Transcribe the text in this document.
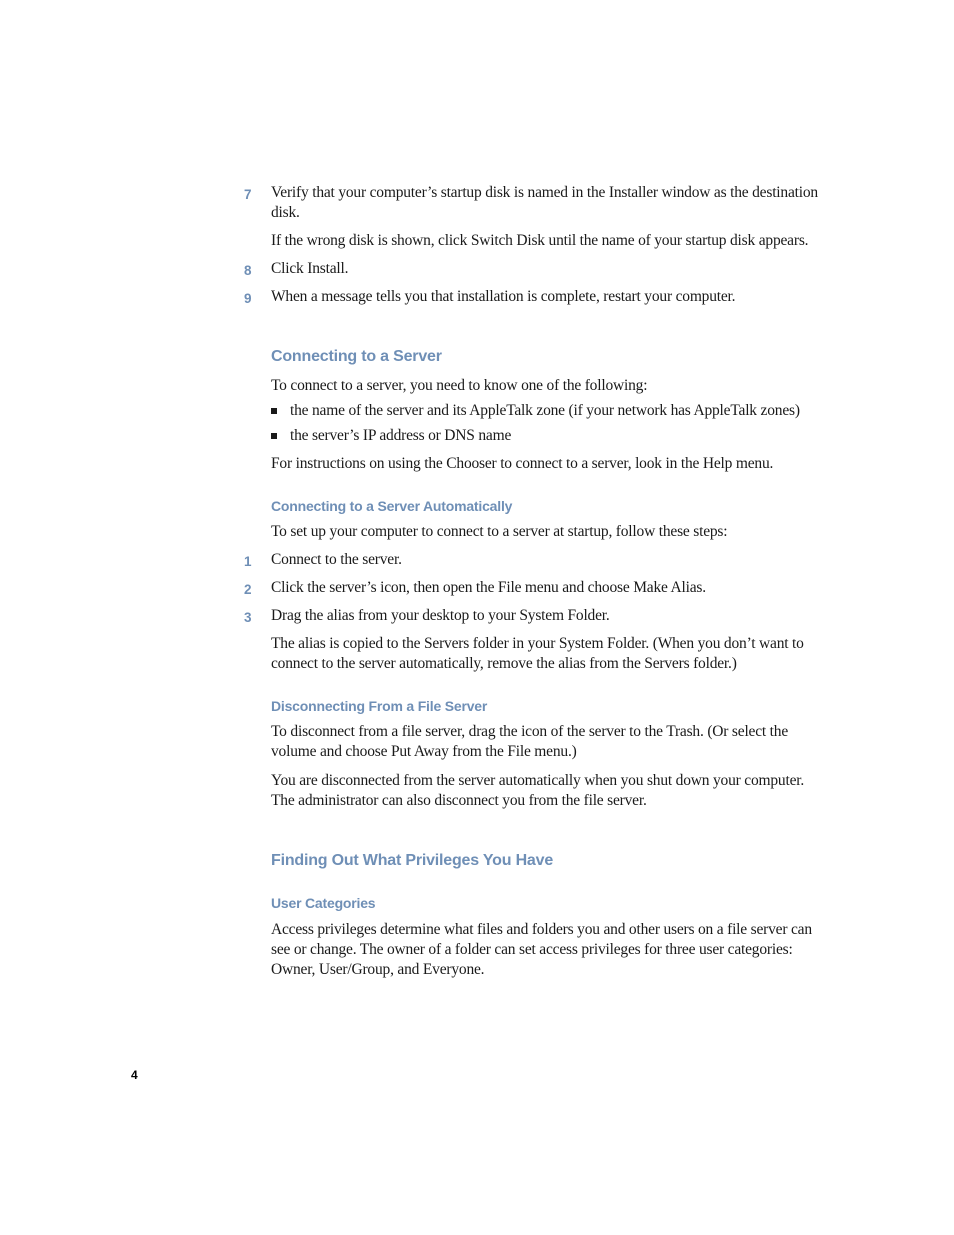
7 Verify that your computer’s startup disk is named in the Installer window as the destination disk.
If the wrong disk is shown, click Switch Disk until the name of your startup disk appears.
8 Click Install.
9 When a message tells you that installation is complete, restart your computer.
Connecting to a Server
To connect to a server, you need to know one of the following:
the name of the server and its AppleTalk zone (if your network has AppleTalk zones)
the server’s IP address or DNS name
For instructions on using the Chooser to connect to a server, look in the Help menu.
Connecting to a Server Automatically
To set up your computer to connect to a server at startup, follow these steps:
1 Connect to the server.
2 Click the server’s icon, then open the File menu and choose Make Alias.
3 Drag the alias from your desktop to your System Folder.
The alias is copied to the Servers folder in your System Folder. (When you don’t want to connect to the server automatically, remove the alias from the Servers folder.)
Disconnecting From a File Server
To disconnect from a file server, drag the icon of the server to the Trash. (Or select the volume and choose Put Away from the File menu.)
You are disconnected from the server automatically when you shut down your computer. The administrator can also disconnect you from the file server.
Finding Out What Privileges You Have
User Categories
Access privileges determine what files and folders you and other users on a file server can see or change. The owner of a folder can set access privileges for three user categories: Owner, User/Group, and Everyone.
4
